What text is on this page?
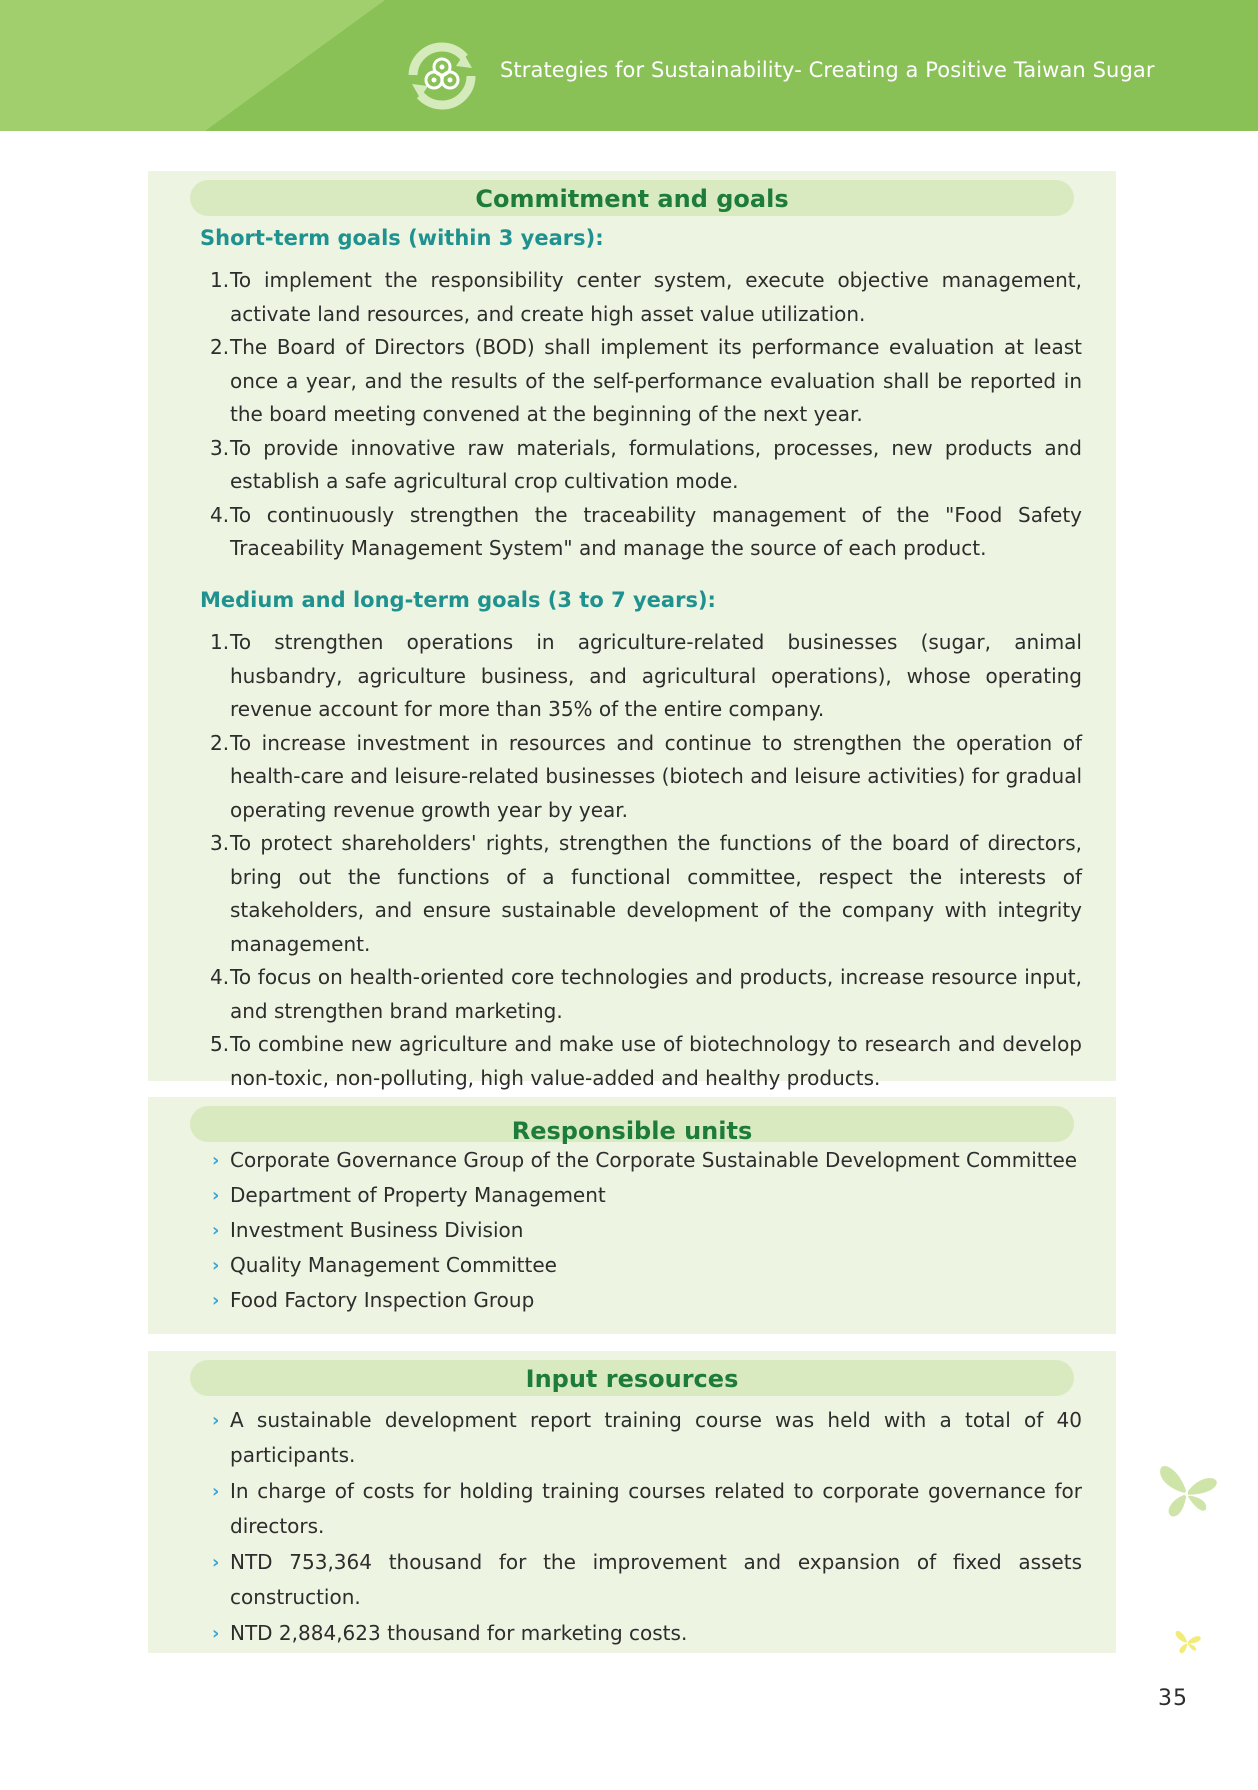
Strategies for Sustainability- Creating a Positive Taiwan Sugar
Commitment and goals
Short-term goals (within 3 years):
1. To implement the responsibility center system, execute objective management, activate land resources, and create high asset value utilization.
2. The Board of Directors (BOD) shall implement its performance evaluation at least once a year, and the results of the self-performance evaluation shall be reported in the board meeting convened at the beginning of the next year.
3. To provide innovative raw materials, formulations, processes, new products and establish a safe agricultural crop cultivation mode.
4. To continuously strengthen the traceability management of the "Food Safety Traceability Management System" and manage the source of each product.
Medium and long-term goals (3 to 7 years):
1. To strengthen operations in agriculture-related businesses (sugar, animal husbandry, agriculture business, and agricultural operations), whose operating revenue account for more than 35% of the entire company.
2. To increase investment in resources and continue to strengthen the operation of health-care and leisure-related businesses (biotech and leisure activities) for gradual operating revenue growth year by year.
3. To protect shareholders' rights, strengthen the functions of the board of directors, bring out the functions of a functional committee, respect the interests of stakeholders, and ensure sustainable development of the company with integrity management.
4. To focus on health-oriented core technologies and products, increase resource input, and strengthen brand marketing.
5. To combine new agriculture and make use of biotechnology to research and develop non-toxic, non-polluting, high value-added and healthy products.
Responsible units
› Corporate Governance Group of the Corporate Sustainable Development Committee
› Department of Property Management
› Investment Business Division
› Quality Management Committee
› Food Factory Inspection Group
Input resources
› A sustainable development report training course was held with a total of 40 participants.
› In charge of costs for holding training courses related to corporate governance for directors.
› NTD 753,364 thousand for the improvement and expansion of fixed assets construction.
› NTD 2,884,623 thousand for marketing costs.
35
